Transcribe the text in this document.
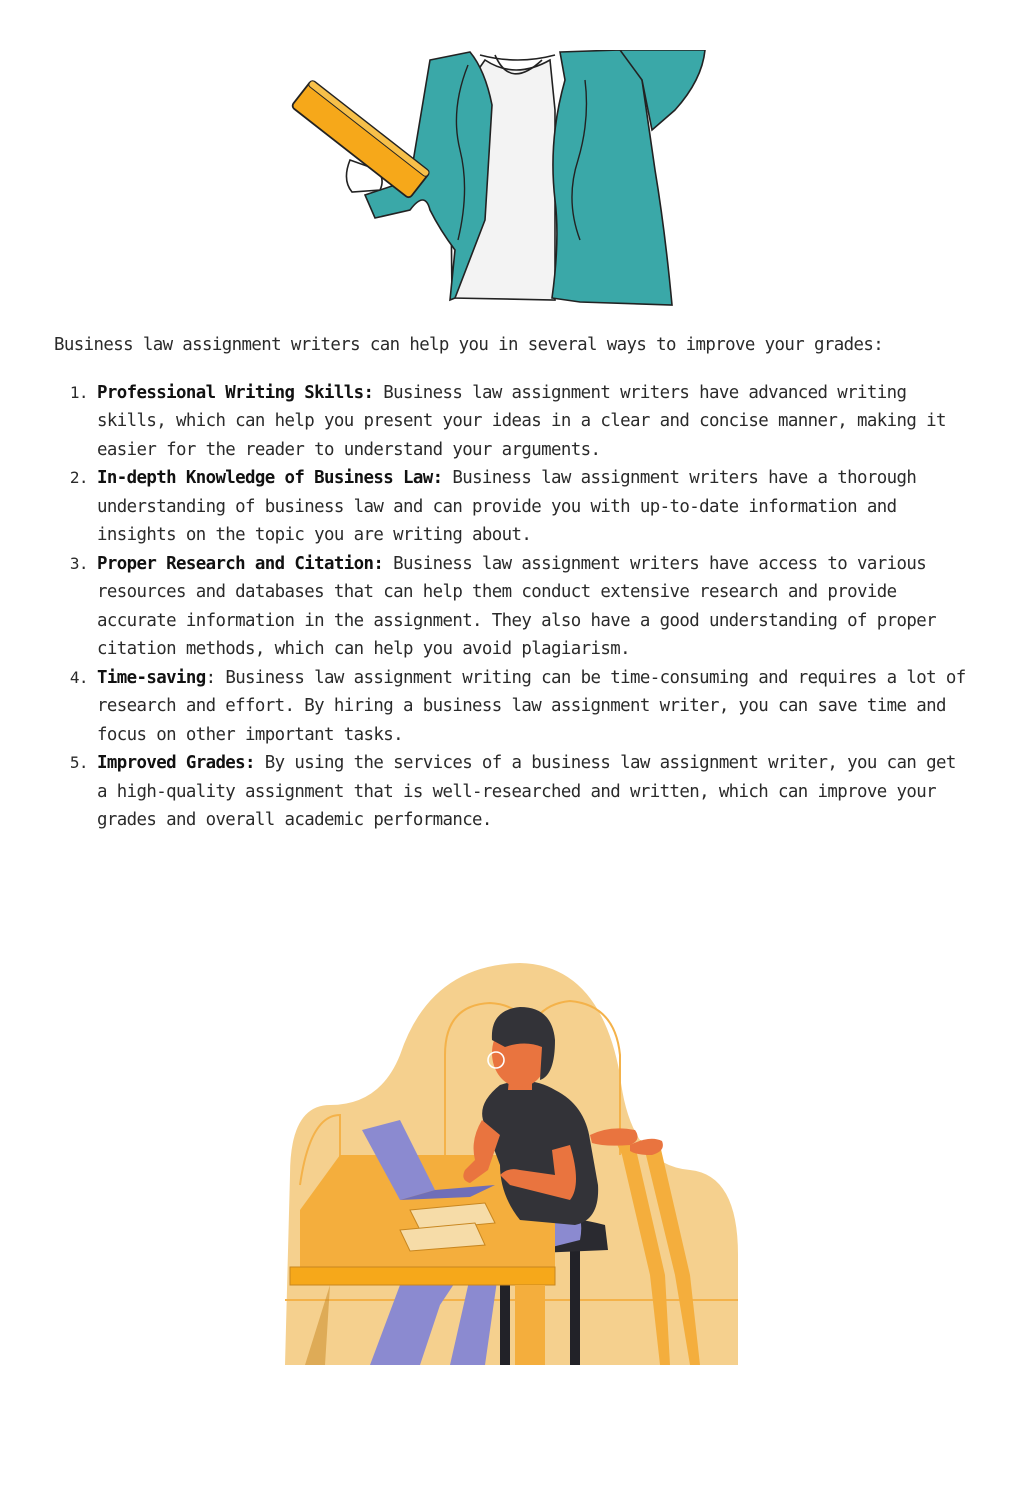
Business law assignment writers can help you in several ways to improve your grades:

1. Professional Writing Skills: Business law assignment writers have advanced writing skills, which can help you present your ideas in a clear and concise manner, making it easier for the reader to understand your arguments.
2. In-depth Knowledge of Business Law: Business law assignment writers have a thorough understanding of business law and can provide you with up-to-date information and insights on the topic you are writing about.
3. Proper Research and Citation: Business law assignment writers have access to various resources and databases that can help them conduct extensive research and provide accurate information in the assignment. They also have a good understanding of proper citation methods, which can help you avoid plagiarism.
4. Time-saving: Business law assignment writing can be time-consuming and requires a lot of research and effort. By hiring a business law assignment writer, you can save time and focus on other important tasks.
5. Improved Grades: By using the services of a business law assignment writer, you can get a high-quality assignment that is well-researched and written, which can improve your grades and overall academic performance.
